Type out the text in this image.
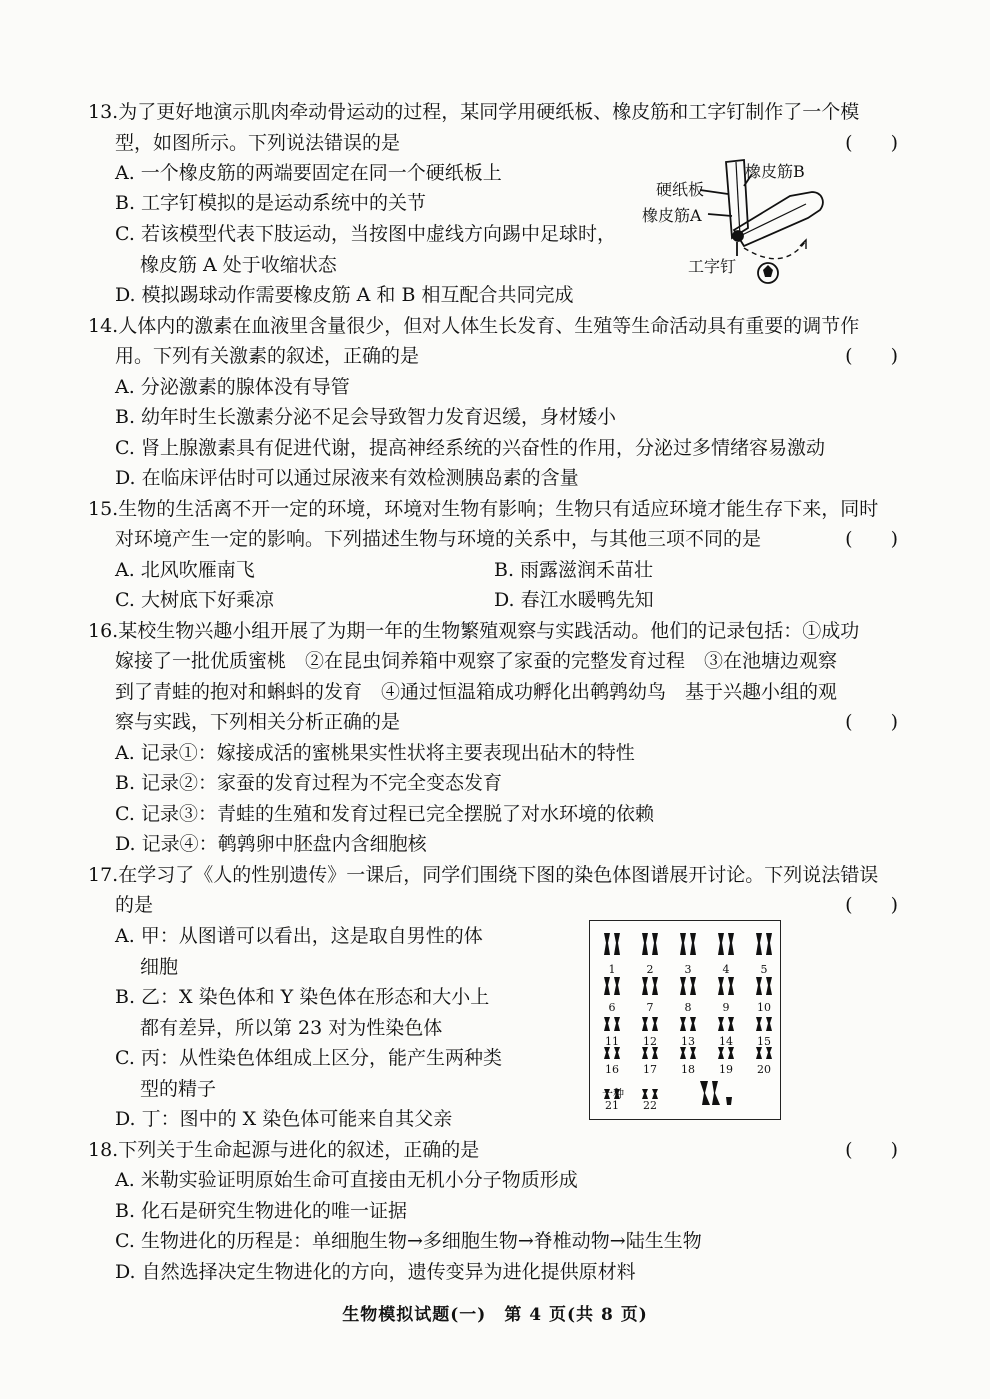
13.为了更好地演示肌肉牵动骨运动的过程，某同学用硬纸板、橡皮筋和工字钉制作了一个模
型，如图所示。下列说法错误的是	(　　)
A. 一个橡皮筋的两端要固定在同一个硬纸板上
B. 工字钉模拟的是运动系统中的关节
C. 若该模型代表下肢运动，当按图中虚线方向踢中足球时，
橡皮筋 A 处于收缩状态
D. 模拟踢球动作需要橡皮筋 A 和 B 相互配合共同完成
橡皮筋B
硬纸板
橡皮筋A
工字钉
14.人体内的激素在血液里含量很少，但对人体生长发育、生殖等生命活动具有重要的调节作
用。下列有关激素的叙述，正确的是	(　　)
A. 分泌激素的腺体没有导管
B. 幼年时生长激素分泌不足会导致智力发育迟缓，身材矮小
C. 肾上腺激素具有促进代谢，提高神经系统的兴奋性的作用，分泌过多情绪容易激动
D. 在临床评估时可以通过尿液来有效检测胰岛素的含量
15.生物的生活离不开一定的环境，环境对生物有影响；生物只有适应环境才能生存下来，同时
对环境产生一定的影响。下列描述生物与环境的关系中，与其他三项不同的是	(　　)
A. 北风吹雁南飞	B. 雨露滋润禾苗壮
C. 大树底下好乘凉	D. 春江水暖鸭先知
16.某校生物兴趣小组开展了为期一年的生物繁殖观察与实践活动。他们的记录包括：①成功
嫁接了一批优质蜜桃　②在昆虫饲养箱中观察了家蚕的完整发育过程　③在池塘边观察
到了青蛙的抱对和蝌蚪的发育　④通过恒温箱成功孵化出鹌鹑幼鸟　基于兴趣小组的观
察与实践，下列相关分析正确的是	(　　)
A. 记录①：嫁接成活的蜜桃果实性状将主要表现出砧木的特性
B. 记录②：家蚕的发育过程为不完全变态发育
C. 记录③：青蛙的生殖和发育过程已完全摆脱了对水环境的依赖
D. 记录④：鹌鹑卵中胚盘内含细胞核
17.在学习了《人的性别遗传》一课后，同学们围绕下图的染色体图谱展开讨论。下列说法错误
的是	(　　)
A. 甲：从图谱可以看出，这是取自男性的体
细胞
B. 乙：X 染色体和 Y 染色体在形态和大小上
都有差异，所以第 23 对为性染色体
C. 丙：从性染色体组成上区分，能产生两种类
型的精子
D. 丁：图中的 X 染色体可能来自其父亲
1	2	3	4	5
6	7	8	9	10
11 12 13 14 15
16 17 18 19 20
21 22
一种
18.下列关于生命起源与进化的叙述，正确的是	(　　)
A. 米勒实验证明原始生命可直接由无机小分子物质形成
B. 化石是研究生物进化的唯一证据
C. 生物进化的历程是：单细胞生物→多细胞生物→脊椎动物→陆生生物
D. 自然选择决定生物进化的方向，遗传变异为进化提供原材料
生物模拟试题(一)　第 4 页(共 8 页)
